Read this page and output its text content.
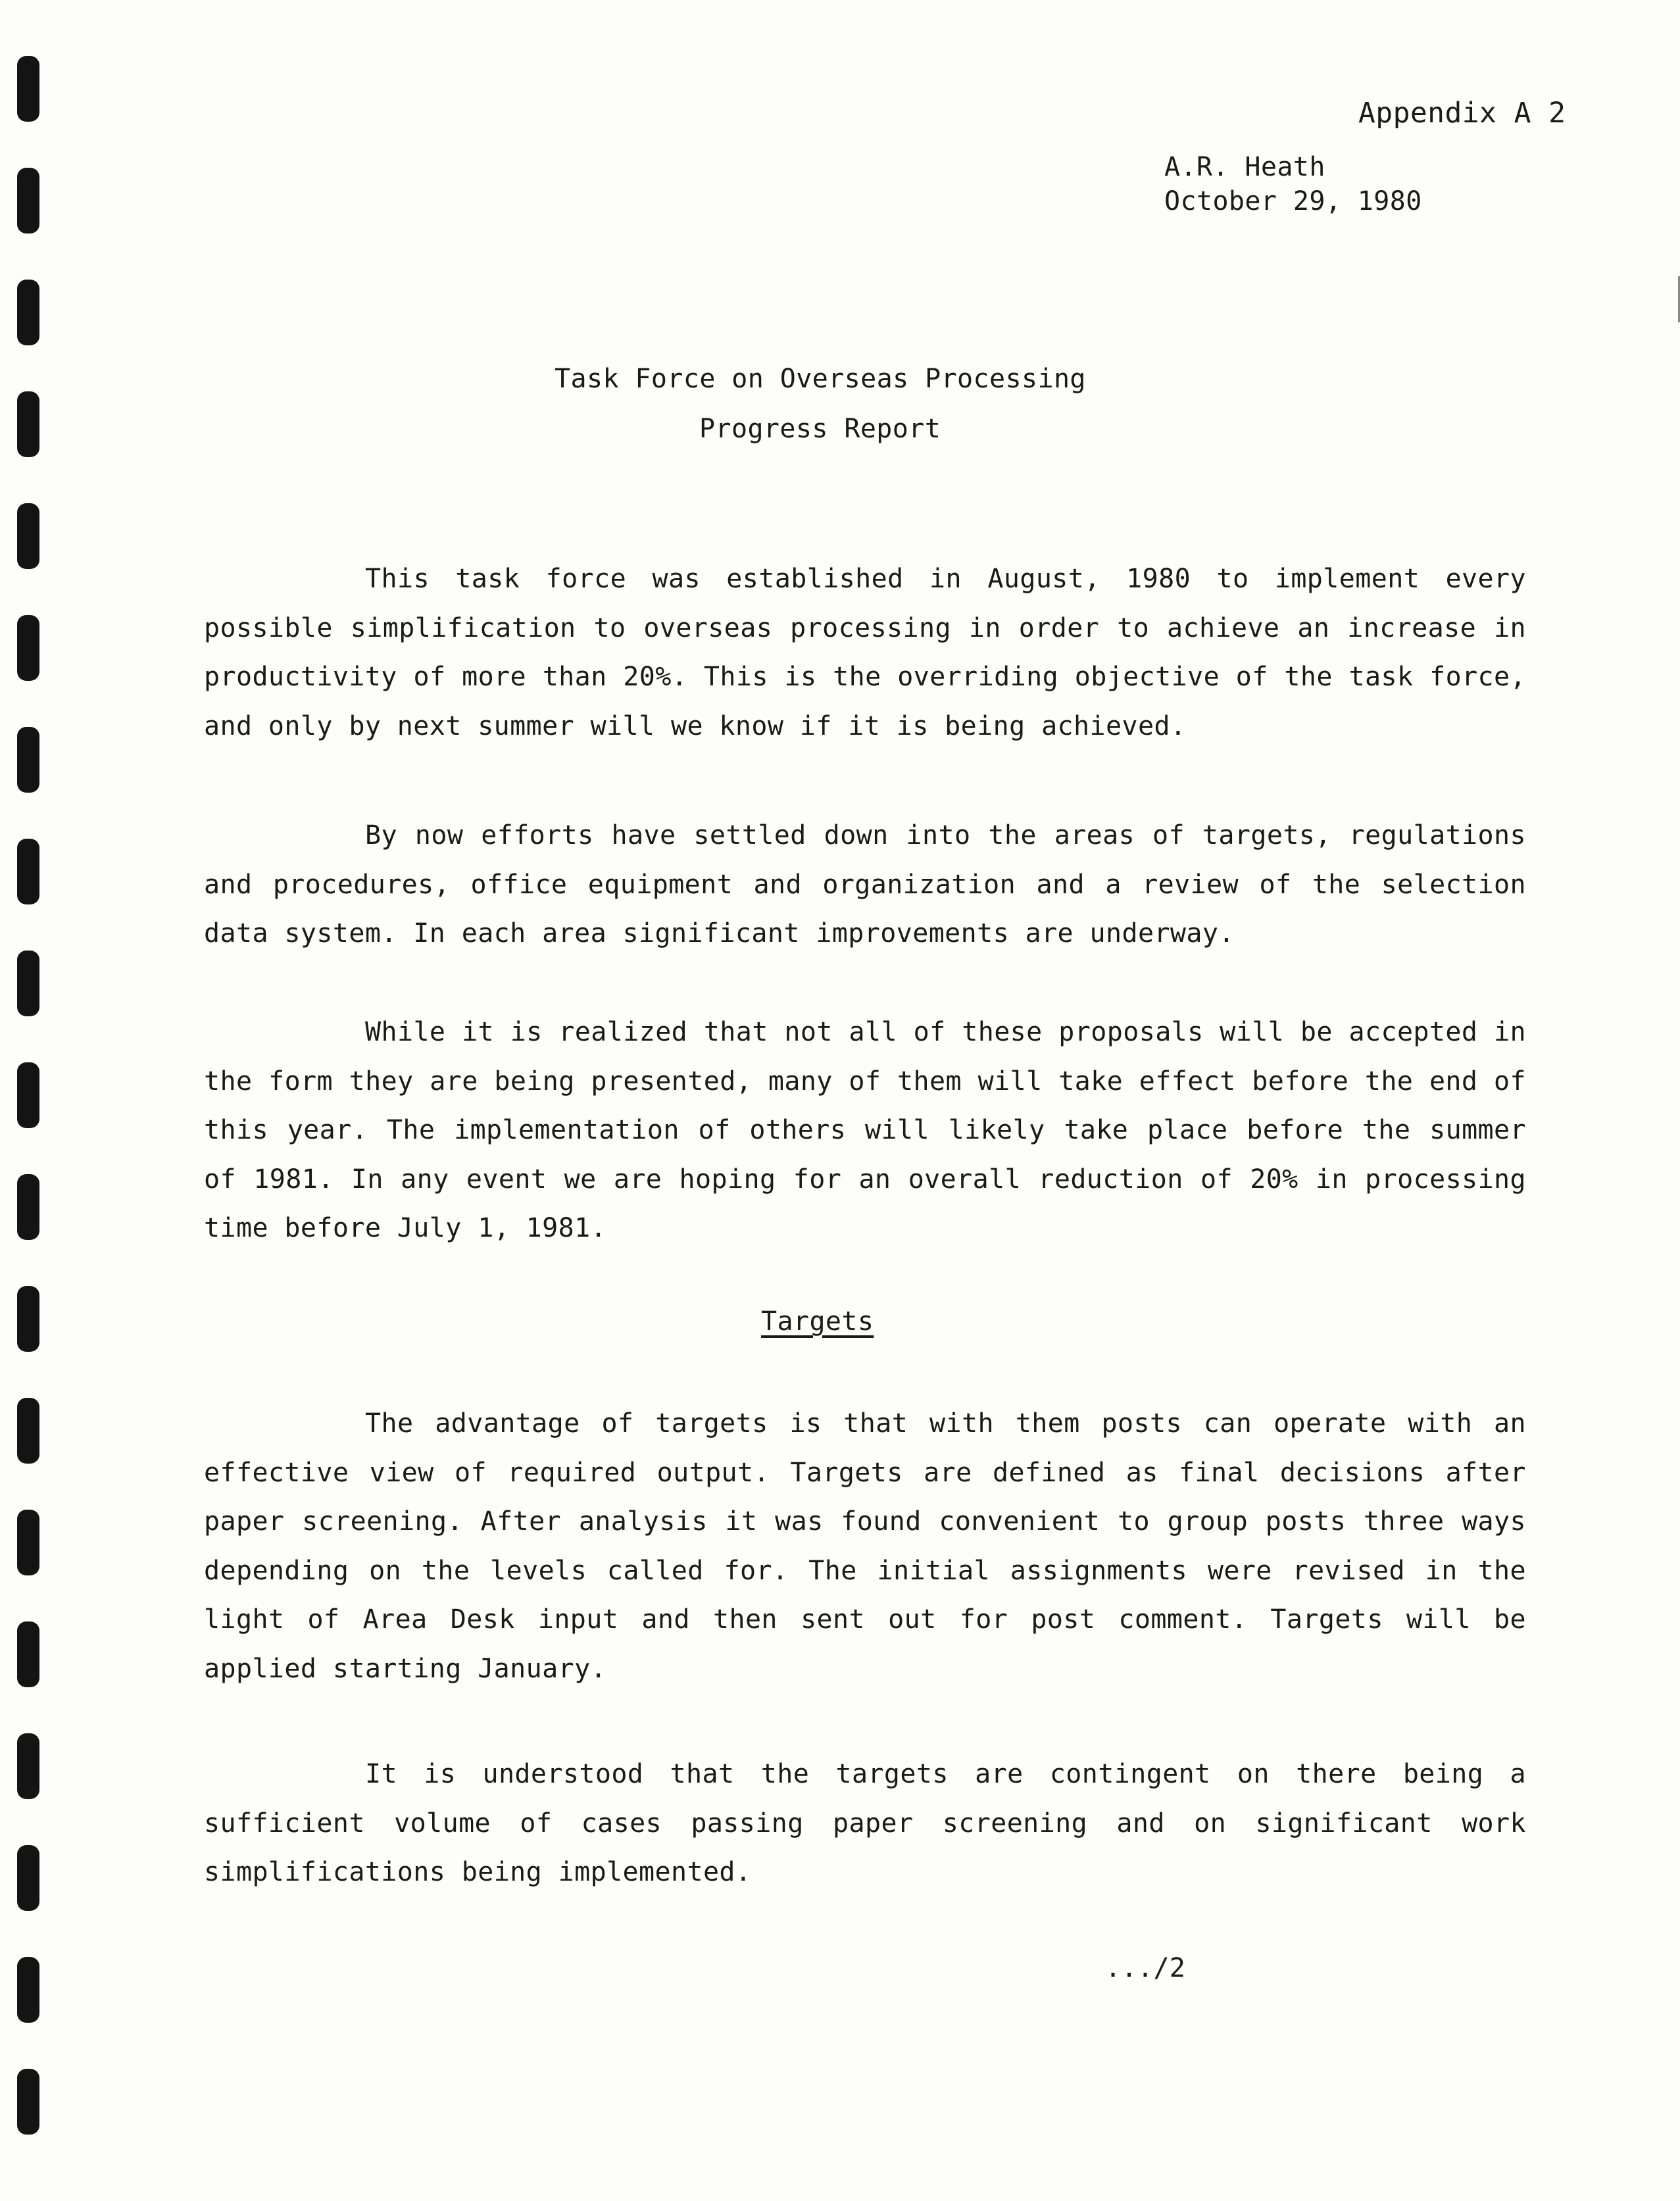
Appendix A 2
A.R. Heath
October 29, 1980
Task Force on Overseas Processing
Progress Report

This task force was established in August, 1980 to implement every possible simplification to overseas processing in order to achieve an increase in productivity of more than 20%. This is the overriding objective of the task force, and only by next summer will we know if it is being achieved.

By now efforts have settled down into the areas of targets, regulations and procedures, office equipment and organization and a review of the selection data system. In each area significant improvements are underway.

While it is realized that not all of these proposals will be accepted in the form they are being presented, many of them will take effect before the end of this year. The implementation of others will likely take place before the summer of 1981. In any event we are hoping for an overall reduction of 20% in processing time before July 1, 1981.

Targets

The advantage of targets is that with them posts can operate with an effective view of required output. Targets are defined as final decisions after paper screening. After analysis it was found convenient to group posts three ways depending on the levels called for. The initial assignments were revised in the light of Area Desk input and then sent out for post comment. Targets will be applied starting January.

It is understood that the targets are contingent on there being a sufficient volume of cases passing paper screening and on significant work simplifications being implemented.

.../2
